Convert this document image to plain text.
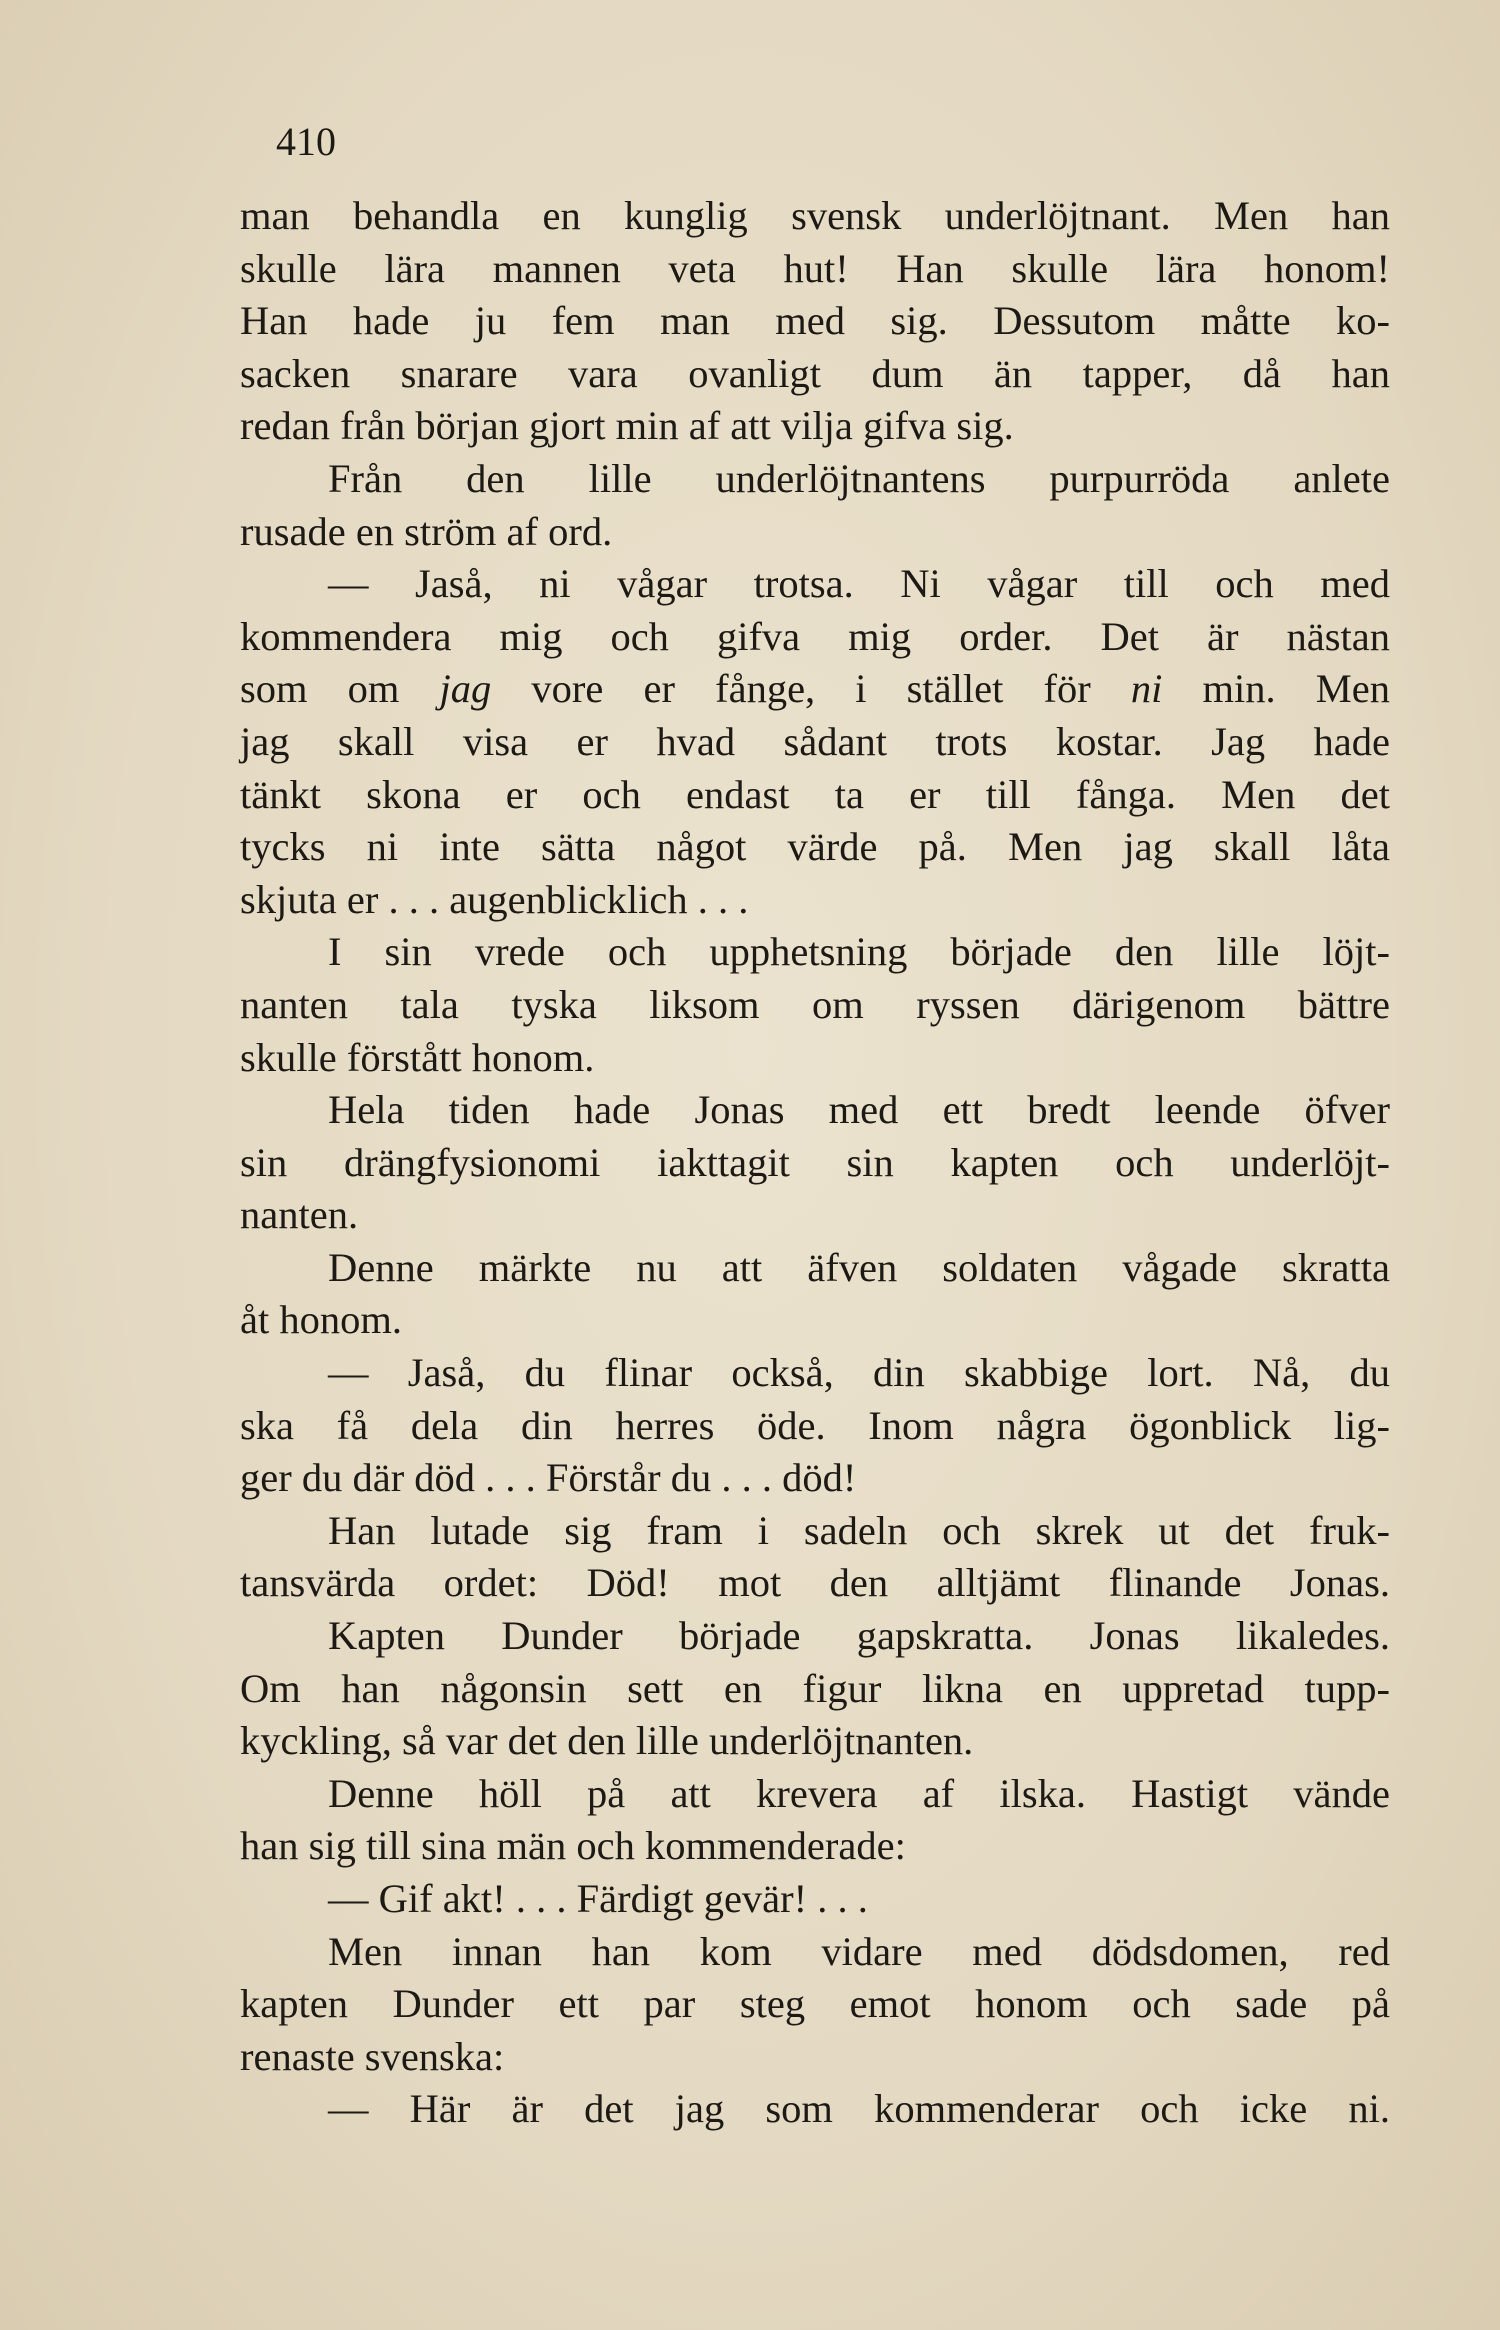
410
man behandla en kunglig svensk underlöjtnant. Men han
skulle lära mannen veta hut! Han skulle lära honom!
Han hade ju fem man med sig. Dessutom måtte ko-
sacken snarare vara ovanligt dum än tapper, då han
redan från början gjort min af att vilja gifva sig.
Från den lille underlöjtnantens purpurröda anlete
rusade en ström af ord.
— Jaså, ni vågar trotsa. Ni vågar till och med
kommendera mig och gifva mig order. Det är nästan
som om jag vore er fånge, i stället för ni min. Men
jag skall visa er hvad sådant trots kostar. Jag hade
tänkt skona er och endast ta er till fånga. Men det
tycks ni inte sätta något värde på. Men jag skall låta
skjuta er . . . augenblicklich . . .
I sin vrede och upphetsning började den lille löjt-
nanten tala tyska liksom om ryssen därigenom bättre
skulle förstått honom.
Hela tiden hade Jonas med ett bredt leende öfver
sin drängfysionomi iakttagit sin kapten och underlöjt-
nanten.
Denne märkte nu att äfven soldaten vågade skratta
åt honom.
— Jaså, du flinar också, din skabbige lort. Nå, du
ska få dela din herres öde. Inom några ögonblick lig-
ger du där död . . . Förstår du . . . död!
Han lutade sig fram i sadeln och skrek ut det fruk-
tansvärda ordet: Död! mot den alltjämt flinande Jonas.
Kapten Dunder började gapskratta. Jonas likaledes.
Om han någonsin sett en figur likna en uppretad tupp-
kyckling, så var det den lille underlöjtnanten.
Denne höll på att krevera af ilska. Hastigt vände
han sig till sina män och kommenderade:
— Gif akt! . . . Färdigt gevär! . . .
Men innan han kom vidare med dödsdomen, red
kapten Dunder ett par steg emot honom och sade på
renaste svenska:
— Här är det jag som kommenderar och icke ni.
